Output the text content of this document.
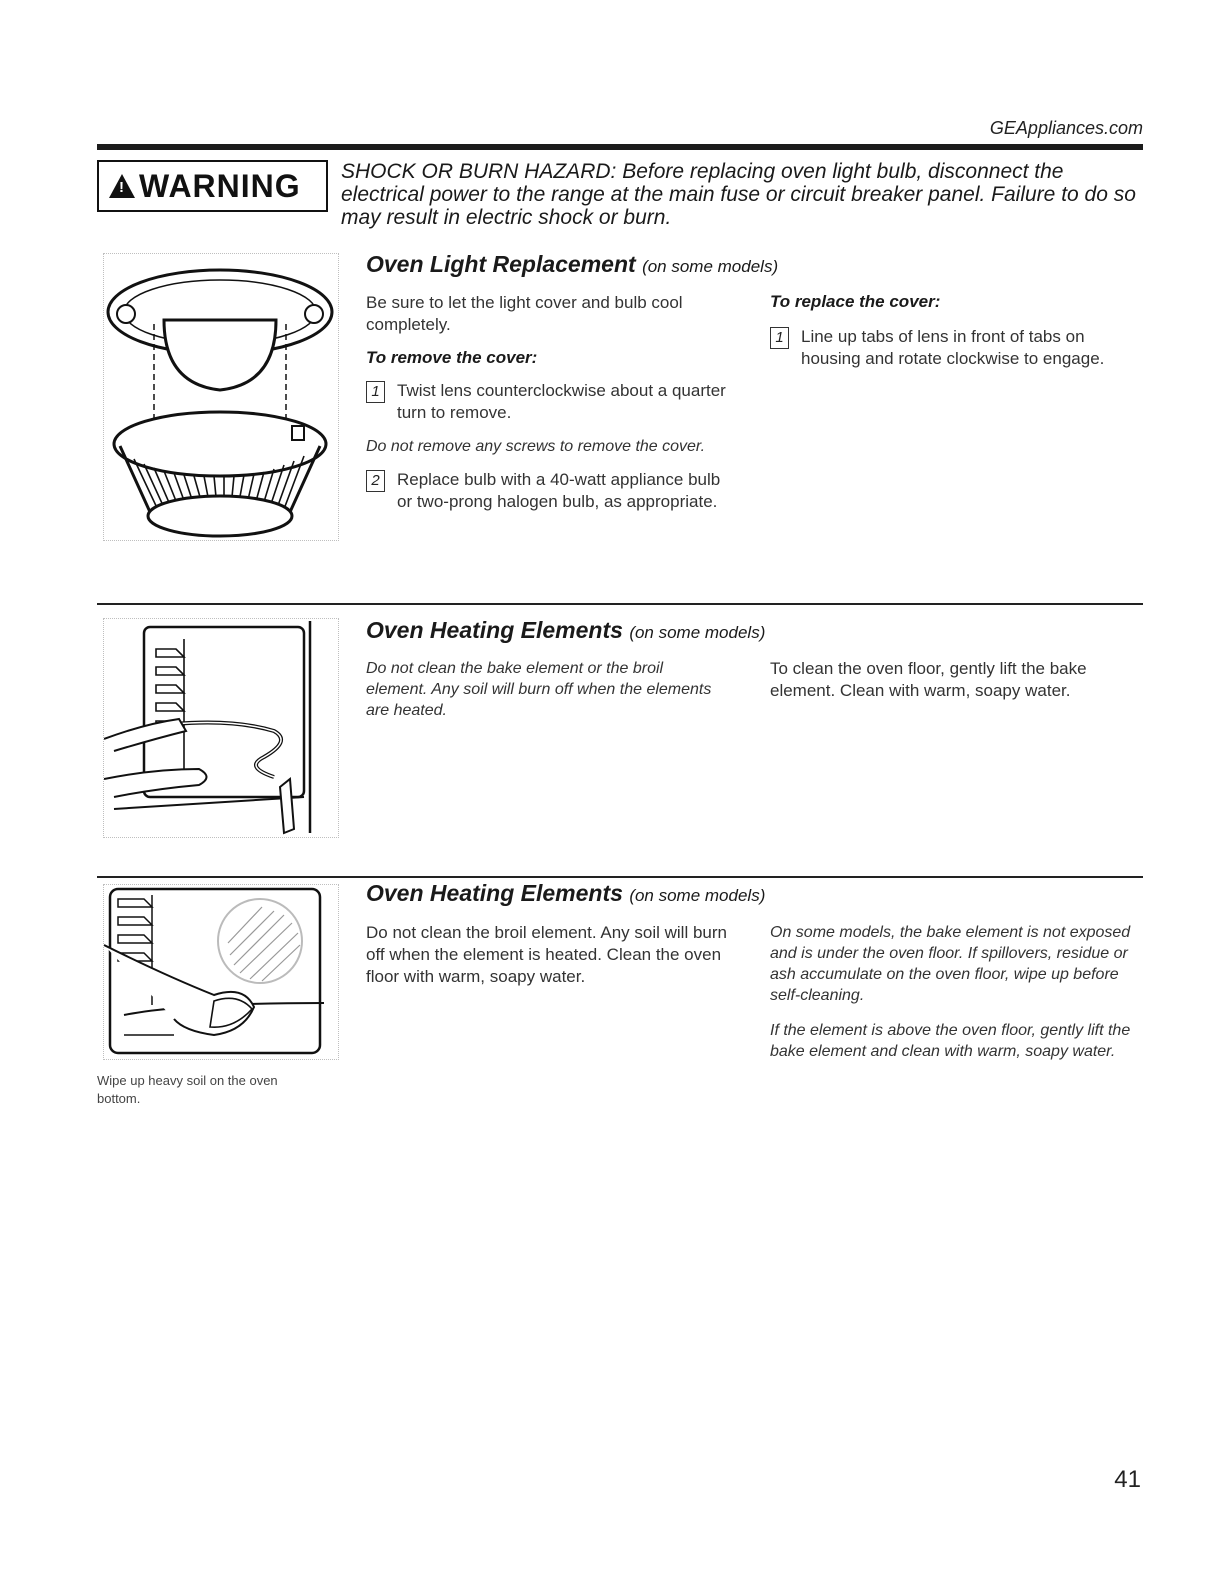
GEAppliances.com
!
WARNING SHOCK OR BURN HAZARD: Before replacing oven light bulb, disconnect the electrical power to the range at the main fuse or circuit breaker panel. Failure to do so may result in electric shock or burn.
Oven Light Replacement (on some models)

Be sure to let the light cover and bulb cool completely.

To remove the cover:

1	Twist lens counterclockwise about a quarter turn to remove.

Do not remove any screws to remove the cover.

2	Replace bulb with a 40-watt appliance bulb or two-prong halogen bulb, as appropriate.

To replace the cover:

1	Line up tabs of lens in front of tabs on housing and rotate clockwise to engage.

Oven Heating Elements (on some models)

Do not clean the bake element or the broil element. Any soil will burn off when the elements are heated.

To clean the oven floor, gently lift the bake element. Clean with warm, soapy water.

Wipe up heavy soil on the oven bottom.
Oven Heating Elements (on some models)

Do not clean the broil element. Any soil will burn off when the element is heated. Clean the oven floor with warm, soapy water.

On some models, the bake element is not exposed and is under the oven floor. If spillovers, residue or ash accumulate on the oven floor, wipe up before self-cleaning.

If the element is above the oven floor, gently lift the bake element and clean with warm, soapy water.

41
